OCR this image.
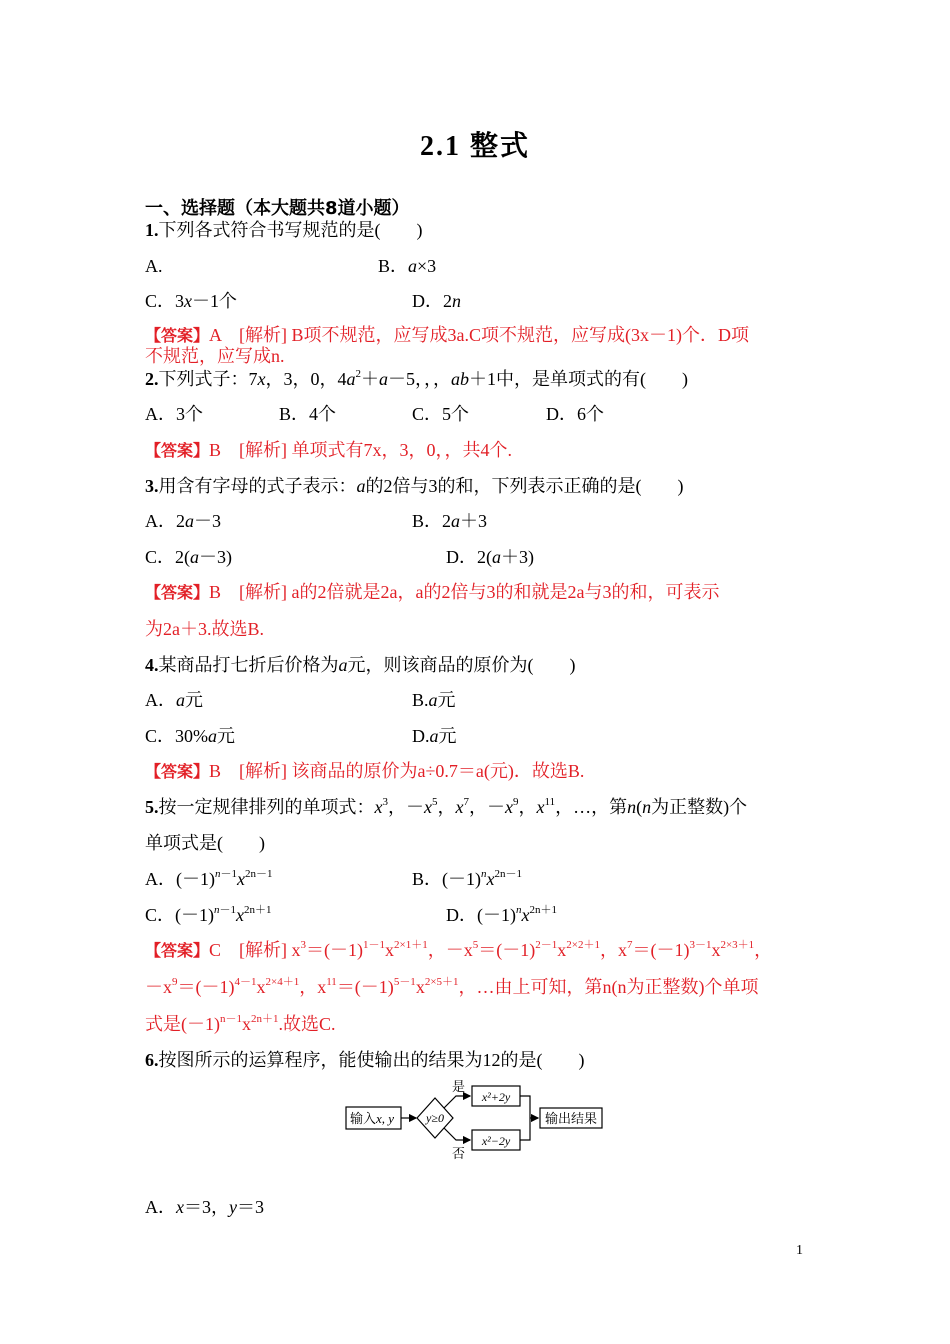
2.1 整式
一、选择题（本大题共8道小题）
1.下列各式符合书写规范的是(　　)
A.	B．a×3
C．3x－1个	D．2n
【答案】A　[解析] B项不规范，应写成3a.C项不规范，应写成(3x－1)个．D项
不规范，应写成n.
2.下列式子：7x，3，0，$4a^2+a-5$，，，ab＋1中，是单项式的有(　　)
A．3个	B．4个	C．5个	D．6个
【答案】B　[解析] 单项式有7x，3，0，，共4个.
3.用含有字母的式子表示：a的2倍与3的和，下列表示正确的是(　　)
A．2a－3	B．2a＋3
C．2(a－3)	D．2(a＋3)
【答案】B　[解析] a的2倍就是2a，a的2倍与3的和就是2a与3的和，可表示
为2a＋3.故选B.
4.某商品打七折后价格为a元，则该商品的原价为(　　)
A．a元	B.a元
C．30%a元	D.a元
【答案】B　[解析] 该商品的原价为a÷0.7＝a(元)．故选B.
5.按一定规律排列的单项式：$x^3$，$-x^5$，$x^7$，$-x^9$，$x^{11}$，…，第n(n为正整数)个
单项式是(　　)
A．$(-1)^{n-1}x^{2n-1}$	B．$(-1)^nx^{2n-1}$
C．$(-1)^{n-1}x^{2n+1}$	D．$(-1)^nx^{2n+1}$
【答案】C　[解析] $x^3=(-1)^{1-1}x^{2\times 1+1}$，$-x^5=(-1)^{2-1}x^{2\times 2+1}$，$x^7=(-1)^{3-1}x^{2\times 3+1}$，
$-x^9=(-1)^{4-1}x^{2\times 4+1}$，$x^{11}=(-1)^{5-1}x^{2\times 5+1}$，…由上可知，第n(n为正整数)个单项
式是$(-1)^{n-1}x^{2n+1}$.故选C.
6.按图所示的运算程序，能使输出的结果为12的是(　　)
输入x, y	y≥0
是
x²+2y
否
x²−2y
输出结果
A．x＝3，y＝3
1
